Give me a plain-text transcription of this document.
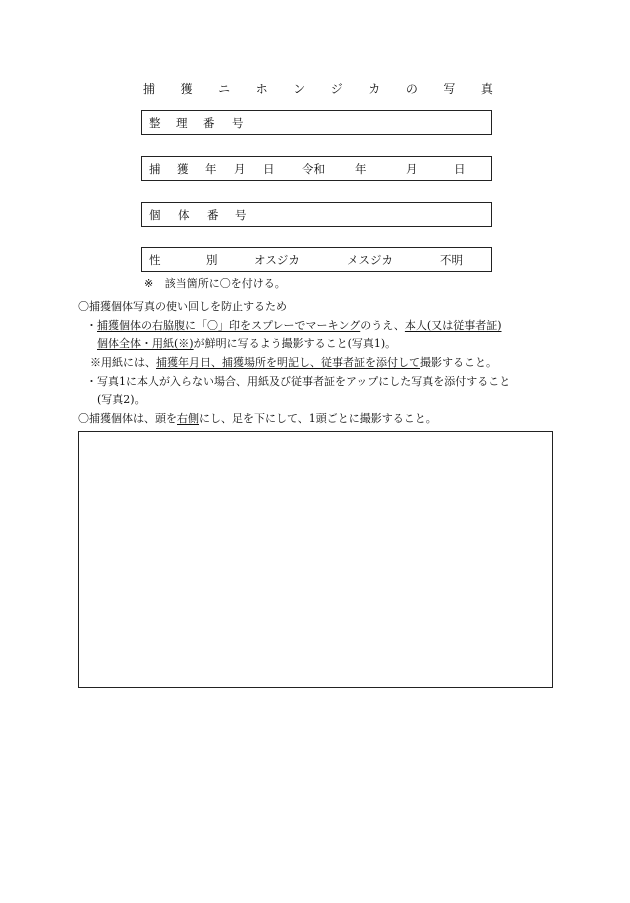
捕 獲 ニ ホ ン ジ カ の 写 真
整 理 番 号
捕 獲 年 月 日 令和	年	月	日
個 体 番 号
性	別	オスジカ	メスジカ	不明
※ 該当箇所に〇を付ける。
〇捕獲個体写真の使い回しを防止するため
・捕獲個体の右脇腹に「〇」印をスプレーでマーキングのうえ、本人(又は従事者証)
個体全体・用紙(※)が鮮明に写るよう撮影すること(写真1)。
※用紙には、捕獲年月日、捕獲場所を明記し、従事者証を添付して撮影すること。
・写真1に本人が入らない場合、用紙及び従事者証をアップにした写真を添付すること
(写真2)。
〇捕獲個体は、頭を右側にし、足を下にして、1頭ごとに撮影すること。
